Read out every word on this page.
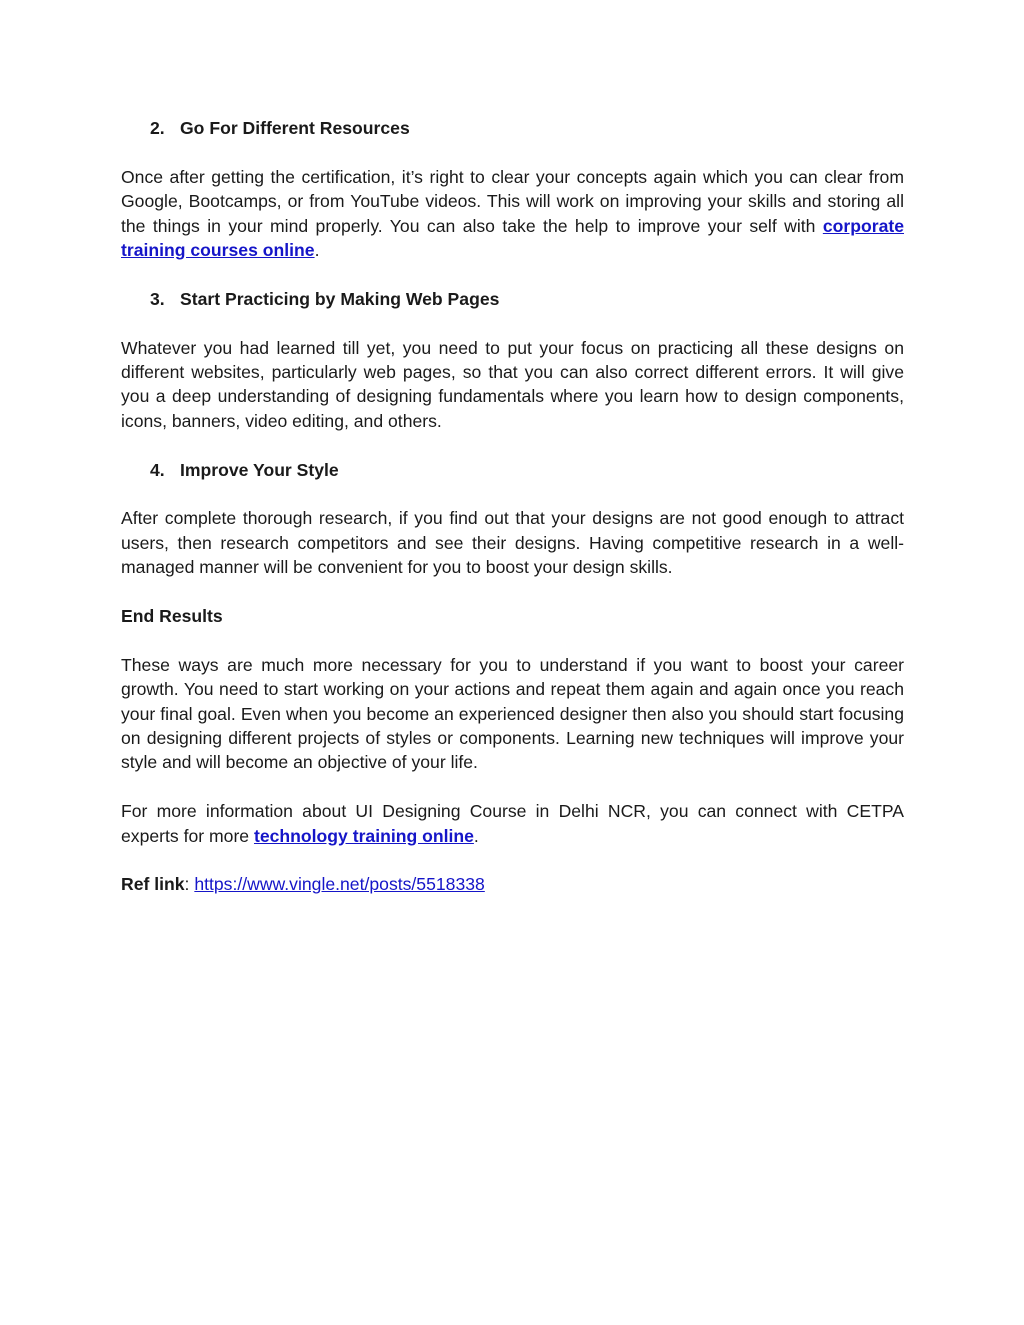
2. Go For Different Resources

Once after getting the certification, it’s right to clear your concepts again which you can clear from Google, Bootcamps, or from YouTube videos. This will work on improving your skills and storing all the things in your mind properly. You can also take the help to improve your self with corporate training courses online.

3. Start Practicing by Making Web Pages

Whatever you had learned till yet, you need to put your focus on practicing all these designs on different websites, particularly web pages, so that you can also correct different errors. It will give you a deep understanding of designing fundamentals where you learn how to design components, icons, banners, video editing, and others.

4. Improve Your Style

After complete thorough research, if you find out that your designs are not good enough to attract users, then research competitors and see their designs. Having competitive research in a well-managed manner will be convenient for you to boost your design skills.

End Results

These ways are much more necessary for you to understand if you want to boost your career growth. You need to start working on your actions and repeat them again and again once you reach your final goal. Even when you become an experienced designer then also you should start focusing on designing different projects of styles or components. Learning new techniques will improve your style and will become an objective of your life.

For more information about UI Designing Course in Delhi NCR, you can connect with CETPA experts for more technology training online.

Ref link: https://www.vingle.net/posts/5518338
